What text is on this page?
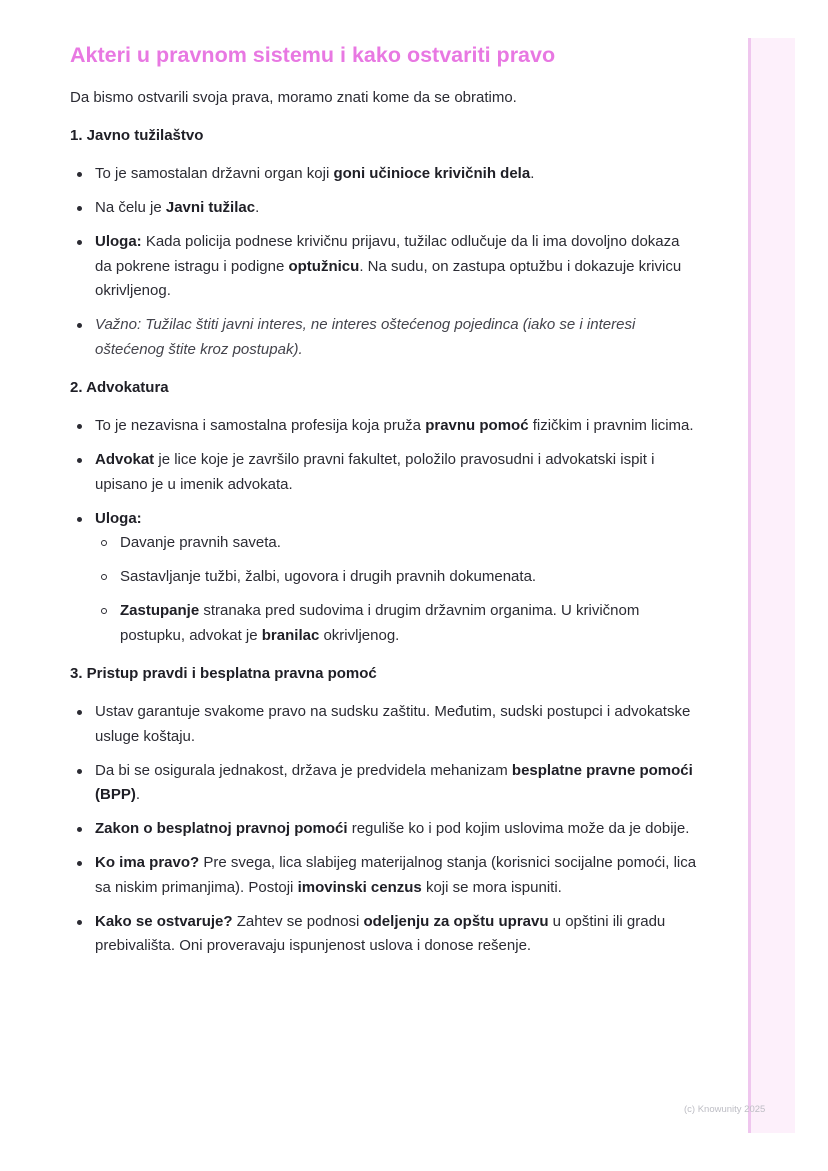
Akteri u pravnom sistemu i kako ostvariti pravo

Da bismo ostvarili svoja prava, moramo znati kome da se obratimo.

1. Javno tužilaštvo
To je samostalan državni organ koji goni učinioce krivičnih dela.
Na čelu je Javni tužilac.
Uloga: Kada policija podnese krivičnu prijavu, tužilac odlučuje da li ima dovoljno dokaza da pokrene istragu i podigne optužnicu. Na sudu, on zastupa optužbu i dokazuje krivicu okrivljenog.
Važno: Tužilac štiti javni interes, ne interes oštećenog pojedinca (iako se i interesi oštećenog štite kroz postupak).
2. Advokatura
To je nezavisna i samostalna profesija koja pruža pravnu pomoć fizičkim i pravnim licima.
Advokat je lice koje je završilo pravni fakultet, položilo pravosudni i advokatski ispit i upisano je u imenik advokata.
Uloga:
Davanje pravnih saveta.
Sastavljanje tužbi, žalbi, ugovora i drugih pravnih dokumenata.
Zastupanje stranaka pred sudovima i drugim državnim organima. U krivičnom postupku, advokat je branilac okrivljenog.
3. Pristup pravdi i besplatna pravna pomoć
Ustav garantuje svakome pravo na sudsku zaštitu. Međutim, sudski postupci i advokatske usluge koštaju.
Da bi se osigurala jednakost, država je predvidela mehanizam besplatne pravne pomoći (BPP).
Zakon o besplatnoj pravnoj pomoći reguliše ko i pod kojim uslovima može da je dobije.
Ko ima pravo? Pre svega, lica slabijeg materijalnog stanja (korisnici socijalne pomoći, lica sa niskim primanjima). Postoji imovinski cenzus koji se mora ispuniti.
Kako se ostvaruje? Zahtev se podnosi odeljenju za opštu upravu u opštini ili gradu prebivališta. Oni proveravaju ispunjenost uslova i donose rešenje.
(c) Knowunity 2025
